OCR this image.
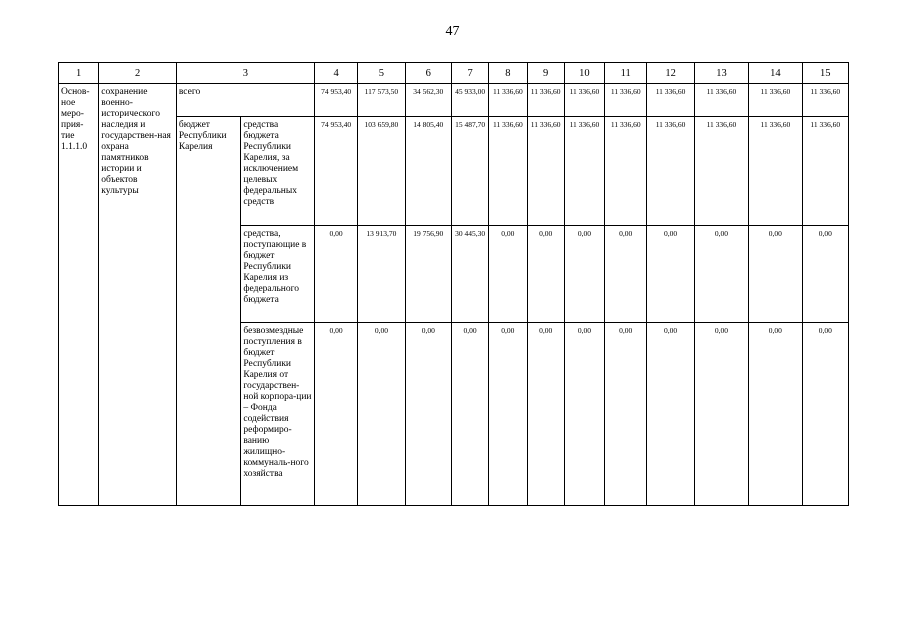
47
1	2	3		4	5	6	7	8	9	10	11	12	13	14	15
Основ-ное меро-прия-тие 1.1.1.0	сохранение военно-исторического наследия и государствен-ная охрана памятников истории и объектов культуры	всего		74 953,40	117 573,50	34 562,30	45 933,00	11 336,60	11 336,60	11 336,60	11 336,60	11 336,60	11 336,60	11 336,60	11 336,60
		бюджет Республики Карелия	средства бюджета Республики Карелия, за исключением целевых федеральных средств	74 953,40	103 659,80	14 805,40	15 487,70	11 336,60	11 336,60	11 336,60	11 336,60	11 336,60	11 336,60	11 336,60	11 336,60
			средства, поступающие в бюджет Республики Карелия из федерального бюджета	0,00	13 913,70	19 756,90	30 445,30	0,00	0,00	0,00	0,00	0,00	0,00	0,00	0,00
			безвозмездные поступления в бюджет Республики Карелия от государствен-ной корпора-ции – Фонда содействия реформиро-ванию жилищно-коммуналь-ного хозяйства	0,00	0,00	0,00	0,00	0,00	0,00	0,00	0,00	0,00	0,00	0,00	0,00
